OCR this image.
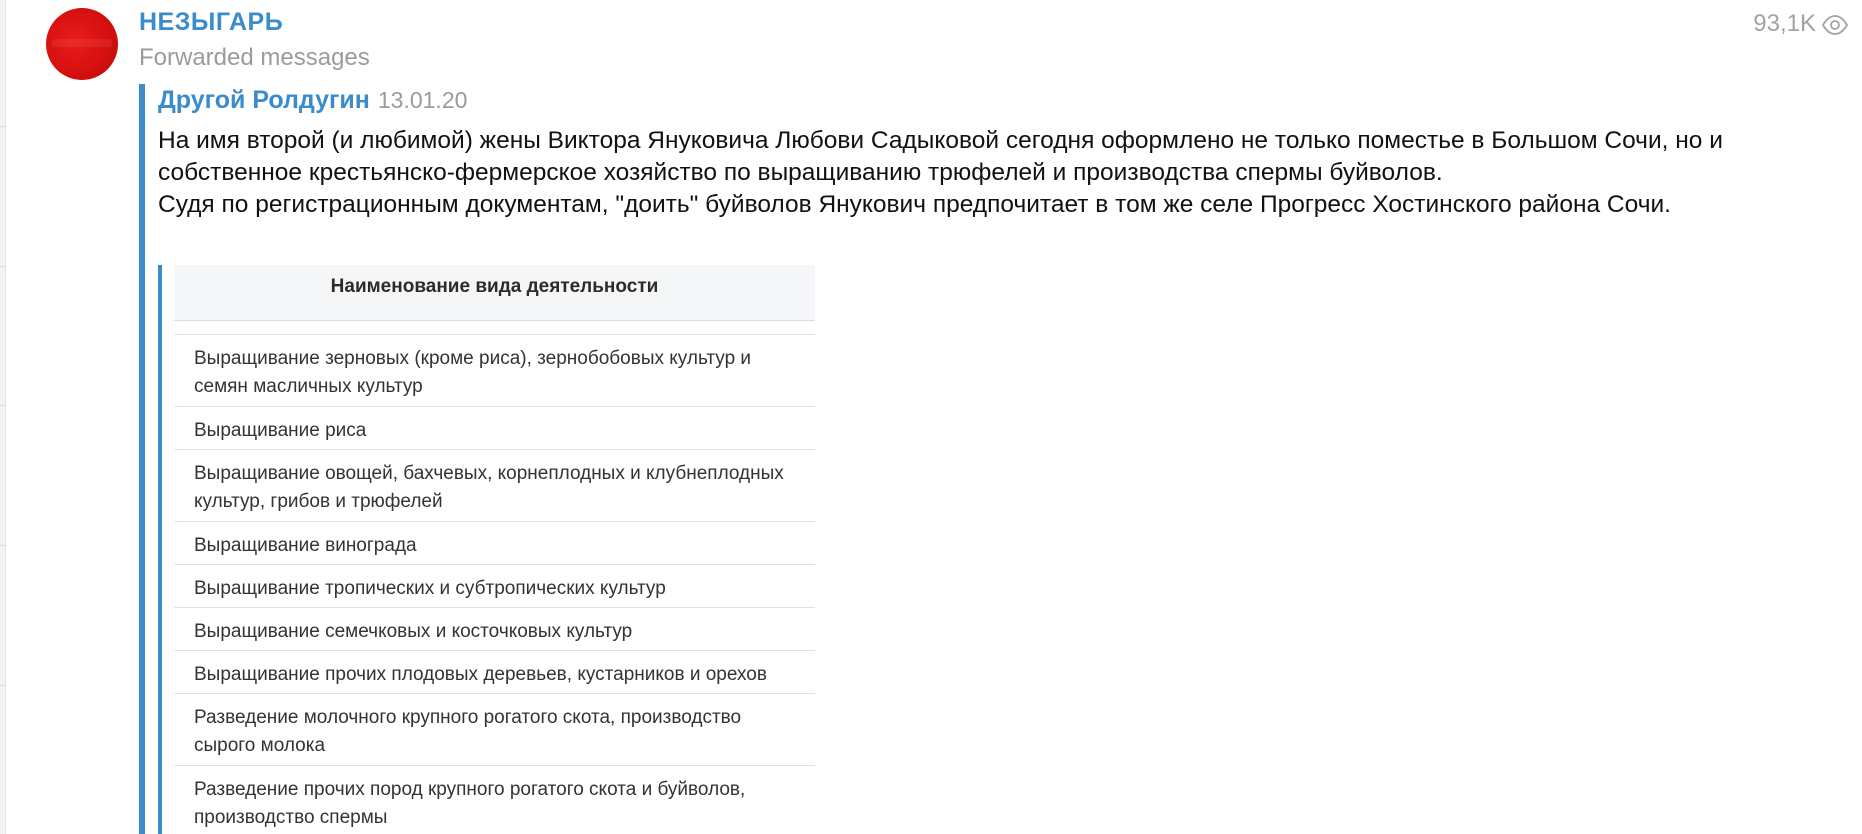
НЕЗЫГАРЬ
Forwarded messages
93,1K
Другой Ролдугин 13.01.20
На имя второй (и любимой) жены Виктора Януковича Любови Садыковой сегодня оформлено не только поместье в Большом Сочи, но и собственное крестьянско-фермерское хозяйство по выращиванию трюфелей и производства спермы буйволов.
Судя по регистрационным документам, "доить" буйволов Янукович предпочитает в том же селе Прогресс Хостинского района Сочи.
Наименование вида деятельности
Выращивание зерновых (кроме риса), зернобобовых культур и семян масличных культур
Выращивание риса
Выращивание овощей, бахчевых, корнеплодных и клубнеплодных культур, грибов и трюфелей
Выращивание винограда
Выращивание тропических и субтропических культур
Выращивание семечковых и косточковых культур
Выращивание прочих плодовых деревьев, кустарников и орехов
Разведение молочного крупного рогатого скота, производство сырого молока
Разведение прочих пород крупного рогатого скота и буйволов, производство спермы
